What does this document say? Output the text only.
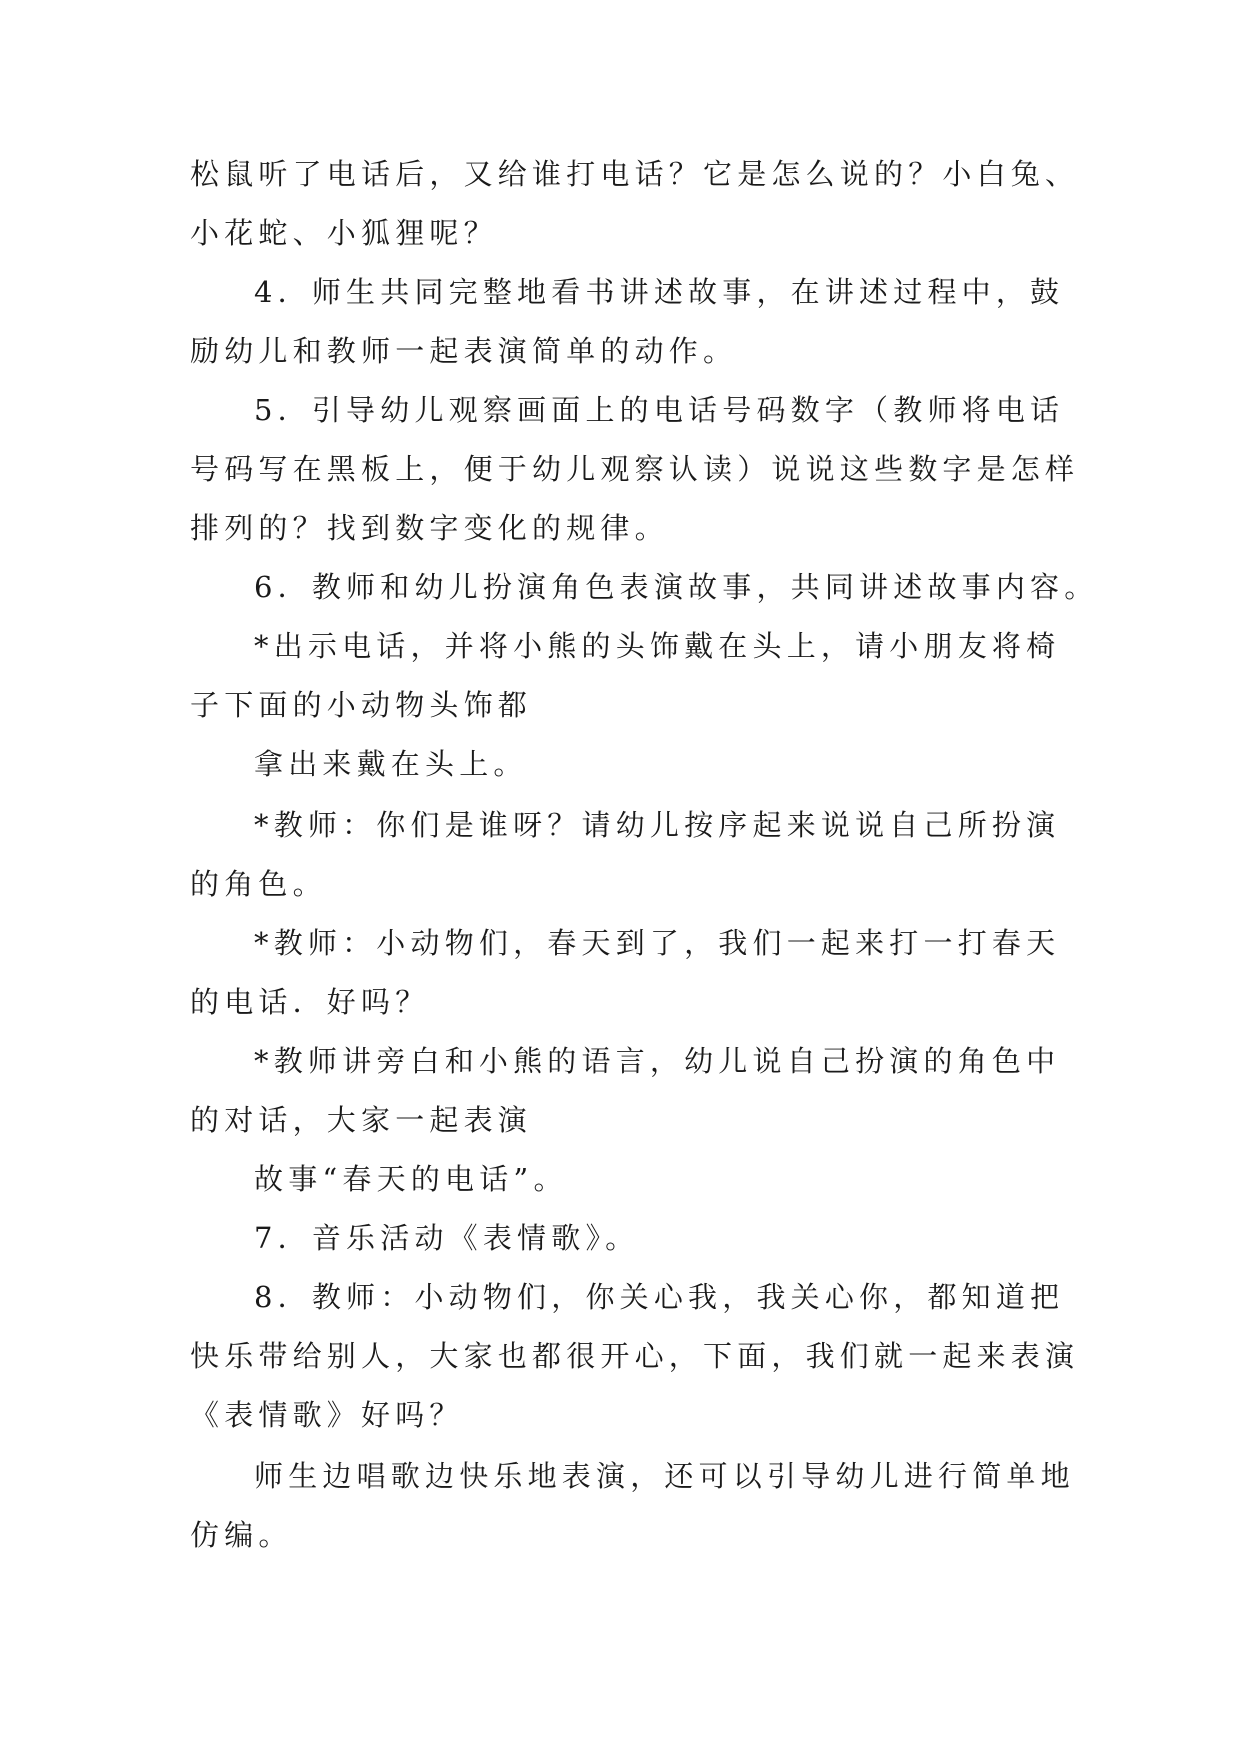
松鼠听了电话后，又给谁打电话？它是怎么说的？小白兔、
小花蛇、小狐狸呢？
4．师生共同完整地看书讲述故事，在讲述过程中，鼓
励幼儿和教师一起表演简单的动作。
5．引导幼儿观察画面上的电话号码数字（教师将电话
号码写在黑板上，便于幼儿观察认读）说说这些数字是怎样
排列的？找到数字变化的规律。
6．教师和幼儿扮演角色表演故事，共同讲述故事内容。
*出示电话，并将小熊的头饰戴在头上，请小朋友将椅
子下面的小动物头饰都
拿出来戴在头上。
*教师：你们是谁呀？请幼儿按序起来说说自己所扮演
的角色。
*教师：小动物们，春天到了，我们一起来打一打春天
的电话．好吗？
*教师讲旁白和小熊的语言，幼儿说自己扮演的角色中
的对话，大家一起表演
故事“春天的电话”。
7．音乐活动《表情歌》。
8．教师：小动物们，你关心我，我关心你，都知道把
快乐带给别人，大家也都很开心，下面，我们就一起来表演
《表情歌》好吗？
师生边唱歌边快乐地表演，还可以引导幼儿进行简单地
仿编。
